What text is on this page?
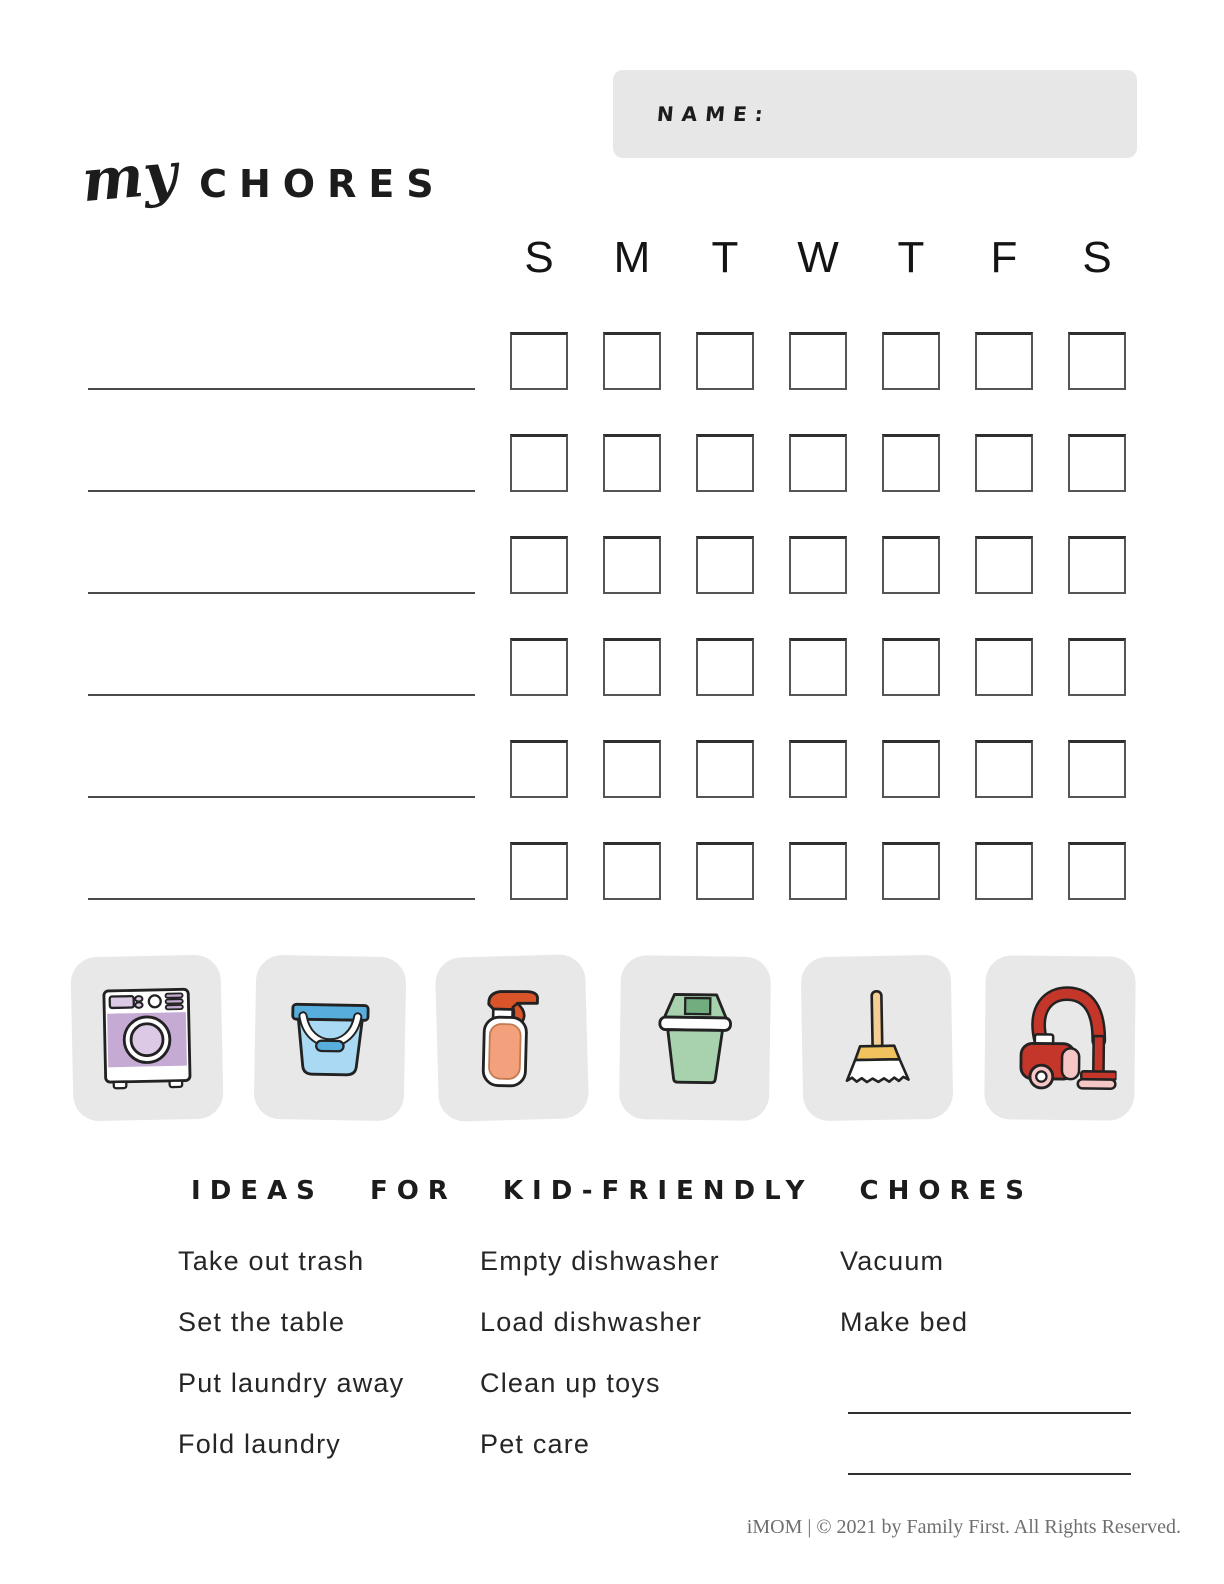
NAME:
my CHORES
S	M	T	W	T	F	S
IDEAS FOR KID-FRIENDLY CHORES
Take out trash
Set the table
Put laundry away
Fold laundry
Empty dishwasher
Load dishwasher
Clean up toys
Pet care
Vacuum
Make bed
iMOM | © 2021 by Family First. All Rights Reserved.
